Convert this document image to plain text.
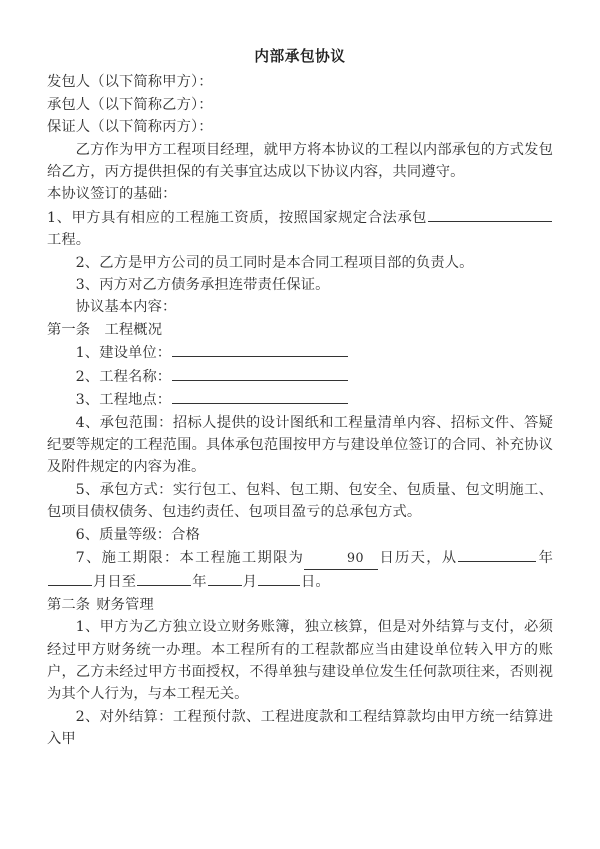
内部承包协议

发包人（以下简称甲方）：

承包人（以下简称乙方）：

保证人（以下简称丙方）：

乙方作为甲方工程项目经理，就甲方将本协议的工程以内部承包的方式发包给乙方，丙方提供担保的有关事宜达成以下协议内容，共同遵守。

本协议签订的基础：

1、甲方具有相应的工程施工资质，按照国家规定合法承包工程。

2、乙方是甲方公司的员工同时是本合同工程项目部的负责人。

3、丙方对乙方债务承担连带责任保证。

协议基本内容：

第一条 工程概况

1、建设单位：

2、工程名称：

3、工程地点：

4、承包范围：招标人提供的设计图纸和工程量清单内容、招标文件、答疑纪要等规定的工程范围。具体承包范围按甲方与建设单位签订的合同、补充协议及附件规定的内容为准。

5、承包方式：实行包工、包料、包工期、包安全、包质量、包文明施工、包项目债权债务、包违约责任、包项目盈亏的总承包方式。

6、质量等级：合格

7、施工期限：本工程施工期限为	90 日历天，从	年月日至	年	月	日。

第二条 财务管理

1、甲方为乙方独立设立财务账簿，独立核算，但是对外结算与支付，必须经过甲方财务统一办理。本工程所有的工程款都应当由建设单位转入甲方的账户，乙方未经过甲方书面授权，不得单独与建设单位发生任何款项往来，否则视为其个人行为，与本工程无关。

2、对外结算：工程预付款、工程进度款和工程结算款均由甲方统一结算进入甲
